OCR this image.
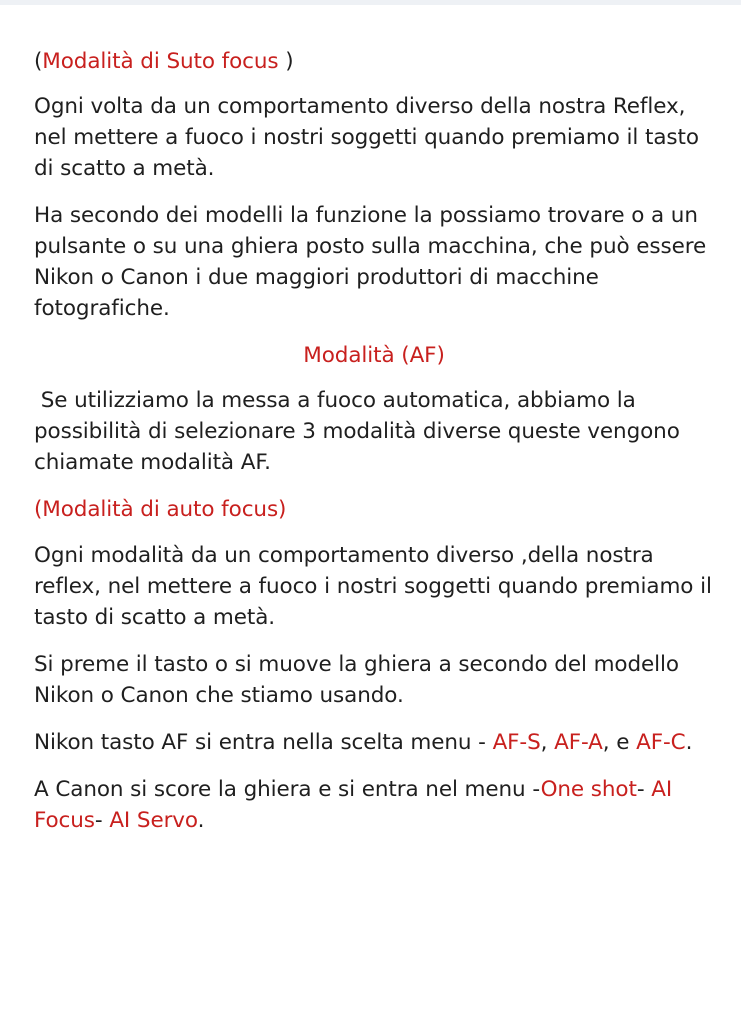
(Modalità di Suto focus )

Ogni volta da un comportamento diverso della nostra Reflex, nel mettere a fuoco i nostri soggetti quando premiamo il tasto di scatto a metà.

Ha secondo dei modelli la funzione la possiamo trovare o a un pulsante o su una ghiera posto sulla macchina, che può essere Nikon o Canon i due maggiori produttori di macchine fotografiche.

Modalità (AF)

Se utilizziamo la messa a fuoco automatica, abbiamo la possibilità di selezionare 3 modalità diverse queste vengono chiamate modalità AF.

(Modalità di auto focus)

Ogni modalità da un comportamento diverso ,della nostra reflex, nel mettere a fuoco i nostri soggetti quando premiamo il tasto di scatto a metà.

Si preme il tasto o si muove la ghiera a secondo del modello Nikon o Canon che stiamo usando.

Nikon tasto AF si entra nella scelta menu - AF-S, AF-A, e AF-C.

A Canon si score la ghiera e si entra nel menu -One shot- AI Focus- AI Servo.
